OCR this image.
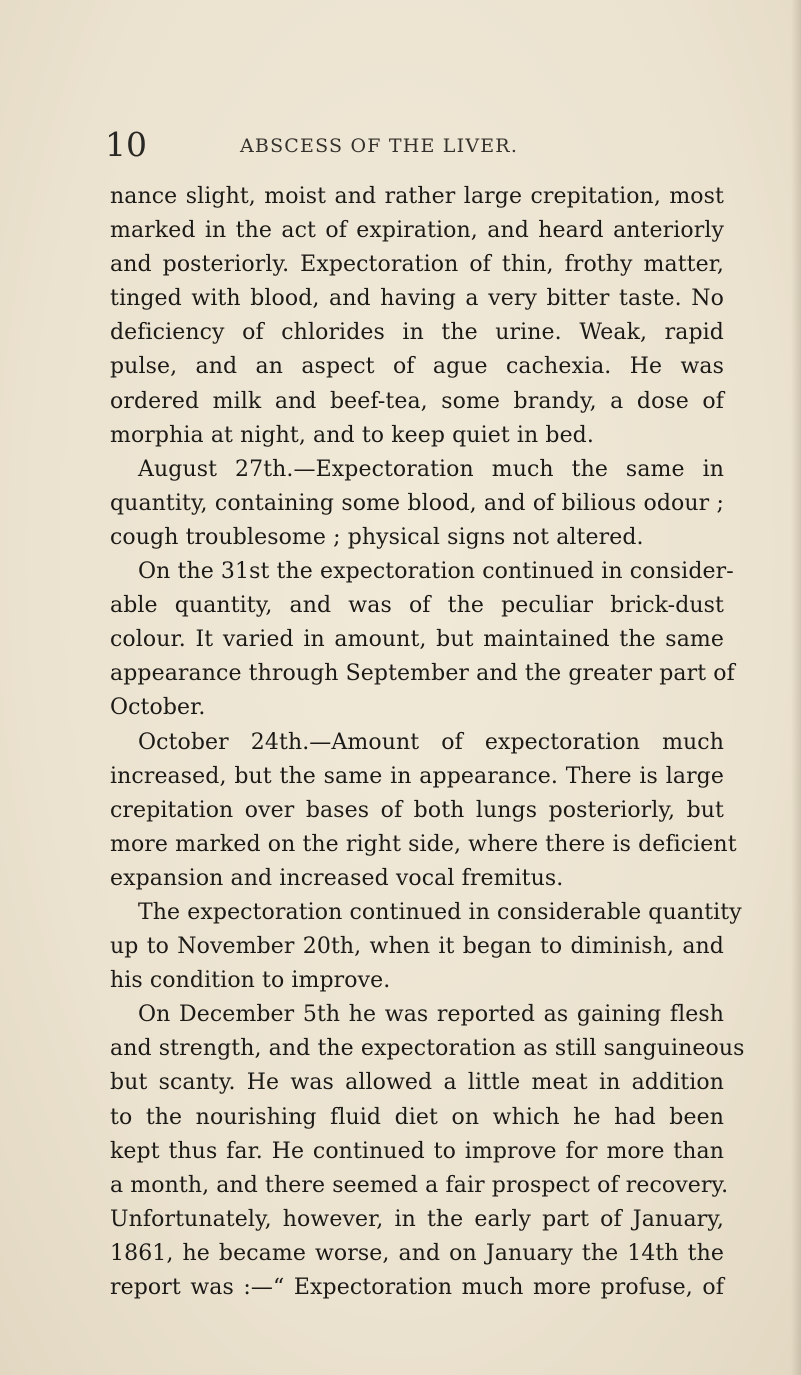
10	ABSCESS OF THE LIVER.
nance slight, moist and rather large crepitation, most
marked in the act of expiration, and heard anteriorly
and posteriorly. Expectoration of thin, frothy matter,
tinged with blood, and having a very bitter taste. No
deficiency of chlorides in the urine. Weak, rapid
pulse, and an aspect of ague cachexia. He was
ordered milk and beef-tea, some brandy, a dose of
morphia at night, and to keep quiet in bed.
August 27th.—Expectoration much the same in
quantity, containing some blood, and of bilious odour ;
cough troublesome ; physical signs not altered.
On the 31st the expectoration continued in consider-
able quantity, and was of the peculiar brick-dust
colour. It varied in amount, but maintained the same
appearance through September and the greater part of
October.
October 24th.—Amount of expectoration much
increased, but the same in appearance. There is large
crepitation over bases of both lungs posteriorly, but
more marked on the right side, where there is deficient
expansion and increased vocal fremitus.
The expectoration continued in considerable quantity
up to November 20th, when it began to diminish, and
his condition to improve.
On December 5th he was reported as gaining flesh
and strength, and the expectoration as still sanguineous
but scanty. He was allowed a little meat in addition
to the nourishing fluid diet on which he had been
kept thus far. He continued to improve for more than
a month, and there seemed a fair prospect of recovery.
Unfortunately, however, in the early part of January,
1861, he became worse, and on January the 14th the
report was :—“ Expectoration much more profuse, of
